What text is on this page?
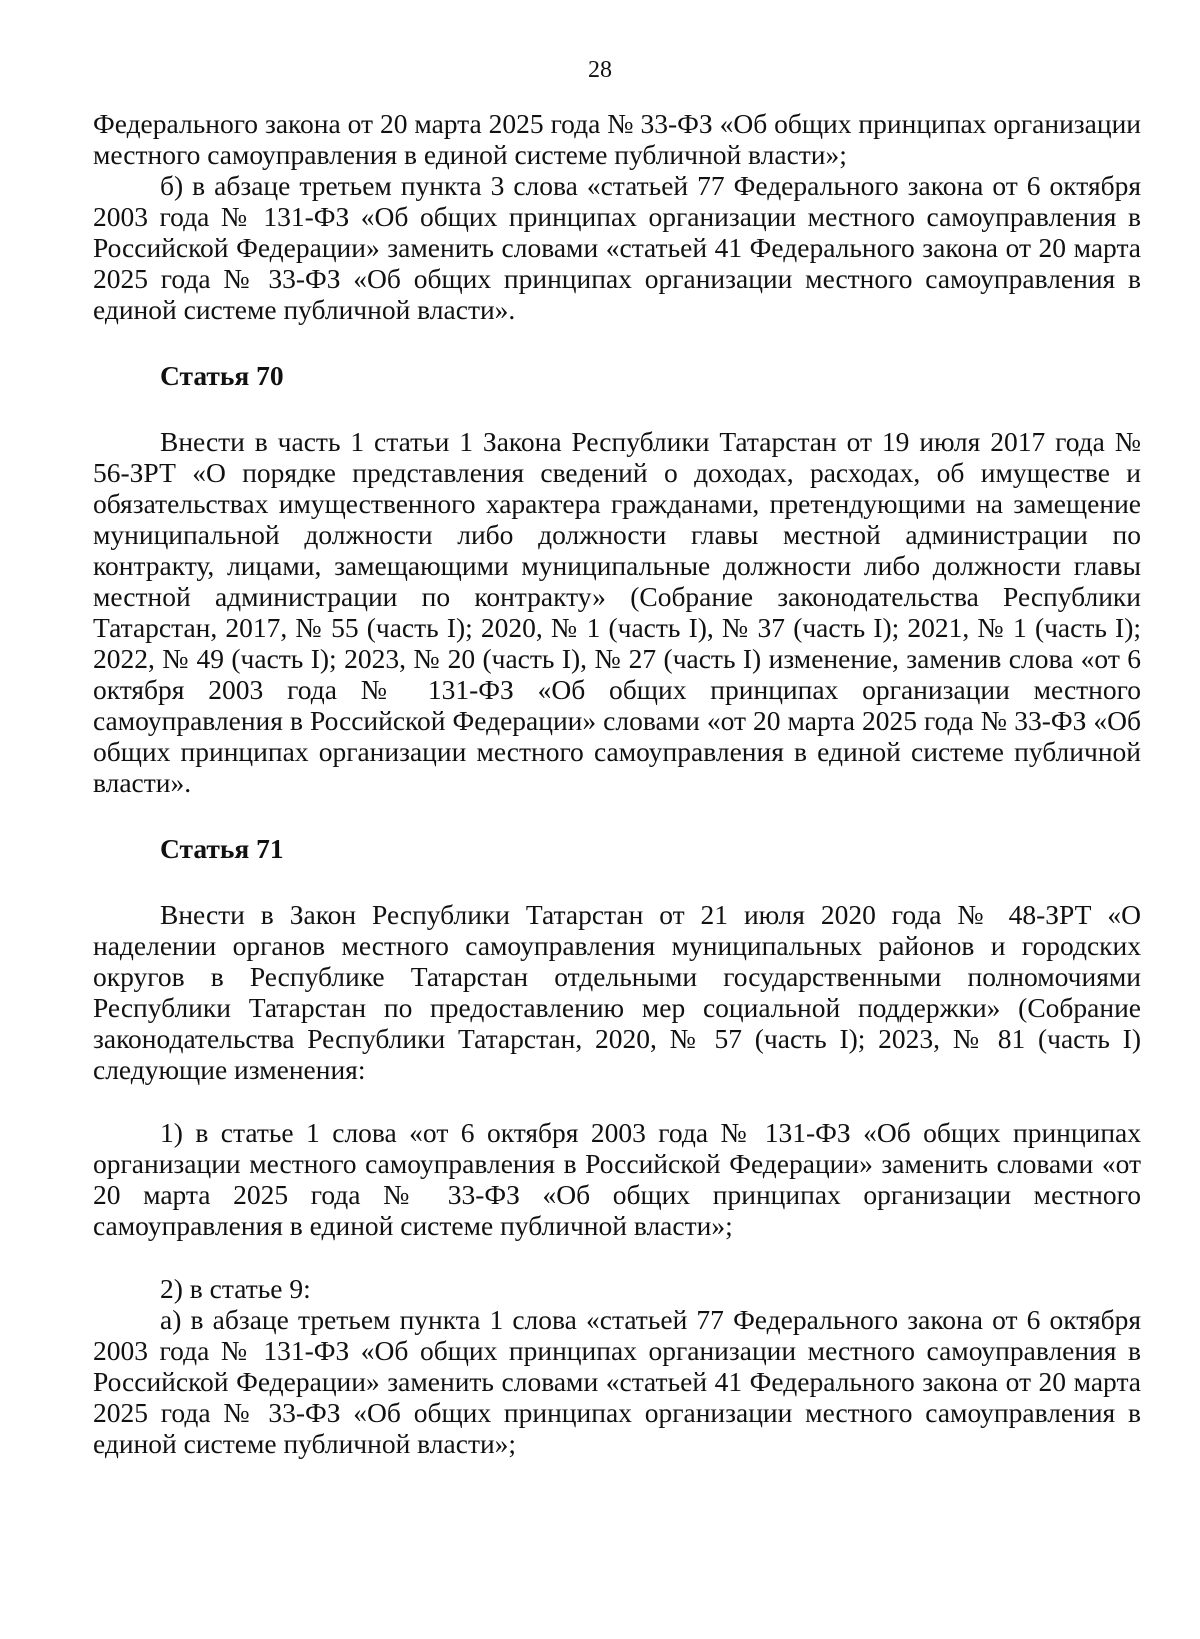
28

Федерального закона от 20 марта 2025 года № 33-ФЗ «Об общих принципах организации местного самоуправления в единой системе публичной власти»;

б) в абзаце третьем пункта 3 слова «статьей 77 Федерального закона от 6 октября 2003 года № 131-ФЗ «Об общих принципах организации местного самоуправления в Российской Федерации» заменить словами «статьей 41 Федерального закона от 20 марта 2025 года № 33-ФЗ «Об общих принципах организации местного самоуправления в единой системе публичной власти».

Статья 70

Внести в часть 1 статьи 1 Закона Республики Татарстан от 19 июля 2017 года № 56-ЗРТ «О порядке представления сведений о доходах, расходах, об имуществе и обязательствах имущественного характера гражданами, претендующими на замещение муниципальной должности либо должности главы местной администрации по контракту, лицами, замещающими муниципальные должности либо должности главы местной администрации по контракту» (Собрание законодательства Республики Татарстан, 2017, № 55 (часть I); 2020, № 1 (часть I), № 37 (часть I); 2021, № 1 (часть I); 2022, № 49 (часть I); 2023, № 20 (часть I), № 27 (часть I) изменение, заменив слова «от 6 октября 2003 года № 131-ФЗ «Об общих принципах организации местного самоуправления в Российской Федерации» словами «от 20 марта 2025 года № 33-ФЗ «Об общих принципах организации местного самоуправления в единой системе публичной власти».

Статья 71

Внести в Закон Республики Татарстан от 21 июля 2020 года № 48-ЗРТ «О наделении органов местного самоуправления муниципальных районов и городских округов в Республике Татарстан отдельными государственными полномочиями Республики Татарстан по предоставлению мер социальной поддержки» (Собрание законодательства Республики Татарстан, 2020, № 57 (часть I); 2023, № 81 (часть I) следующие изменения:

1) в статье 1 слова «от 6 октября 2003 года № 131-ФЗ «Об общих принципах организации местного самоуправления в Российской Федерации» заменить словами «от 20 марта 2025 года № 33-ФЗ «Об общих принципах организации местного самоуправления в единой системе публичной власти»;

2) в статье 9:

а) в абзаце третьем пункта 1 слова «статьей 77 Федерального закона от 6 октября 2003 года № 131-ФЗ «Об общих принципах организации местного самоуправления в Российской Федерации» заменить словами «статьей 41 Федерального закона от 20 марта 2025 года № 33-ФЗ «Об общих принципах организации местного самоуправления в единой системе публичной власти»;
